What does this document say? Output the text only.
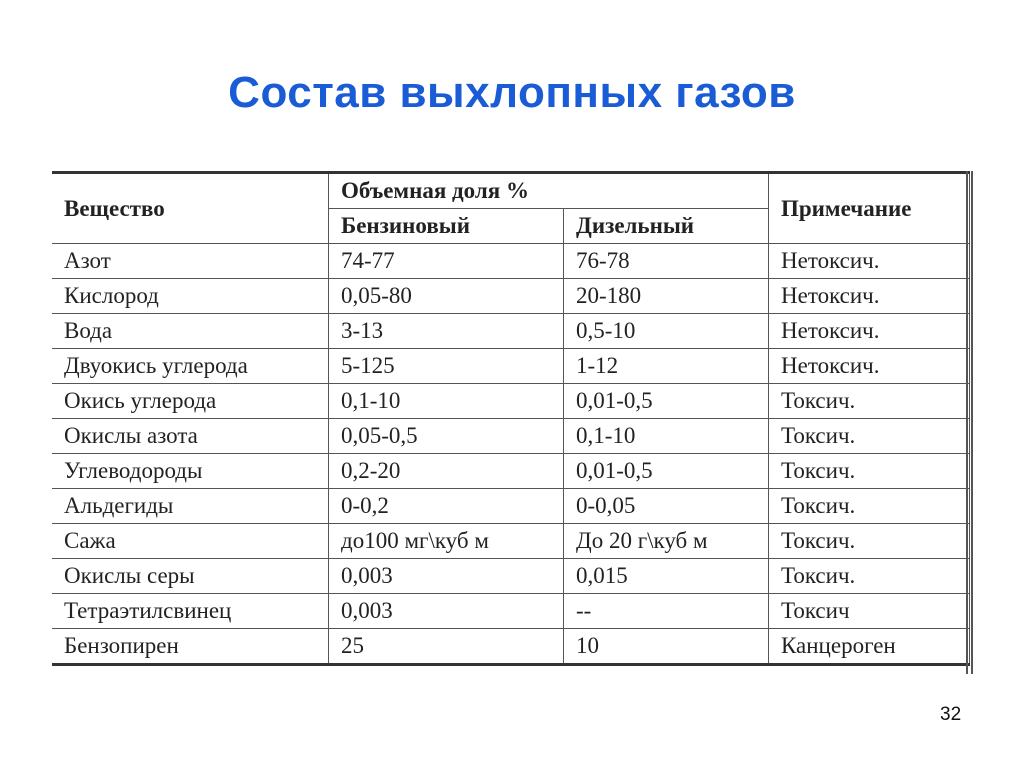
Состав выхлопных газов
Вещество	Объемная доля %		Примечание
	Бензиновый	Дизельный	
Азот	74-77	76-78	Нетоксич.
Кислород	0,05-80	20-180	Нетоксич.
Вода	3-13	0,5-10	Нетоксич.
Двуокись углерода	5-125	1-12	Нетоксич.
Окись углерода	0,1-10	0,01-0,5	Токсич.
Окислы азота	0,05-0,5	0,1-10	Токсич.
Углеводороды	0,2-20	0,01-0,5	Токсич.
Альдегиды	0-0,2	0-0,05	Токсич.
Сажа	до100 мг\куб м	До 20 г\куб м	Токсич.
Окислы серы	0,003	0,015	Токсич.
Тетраэтилсвинец	0,003	--	Токсич
Бензопирен	25	10	Канцероген
32
